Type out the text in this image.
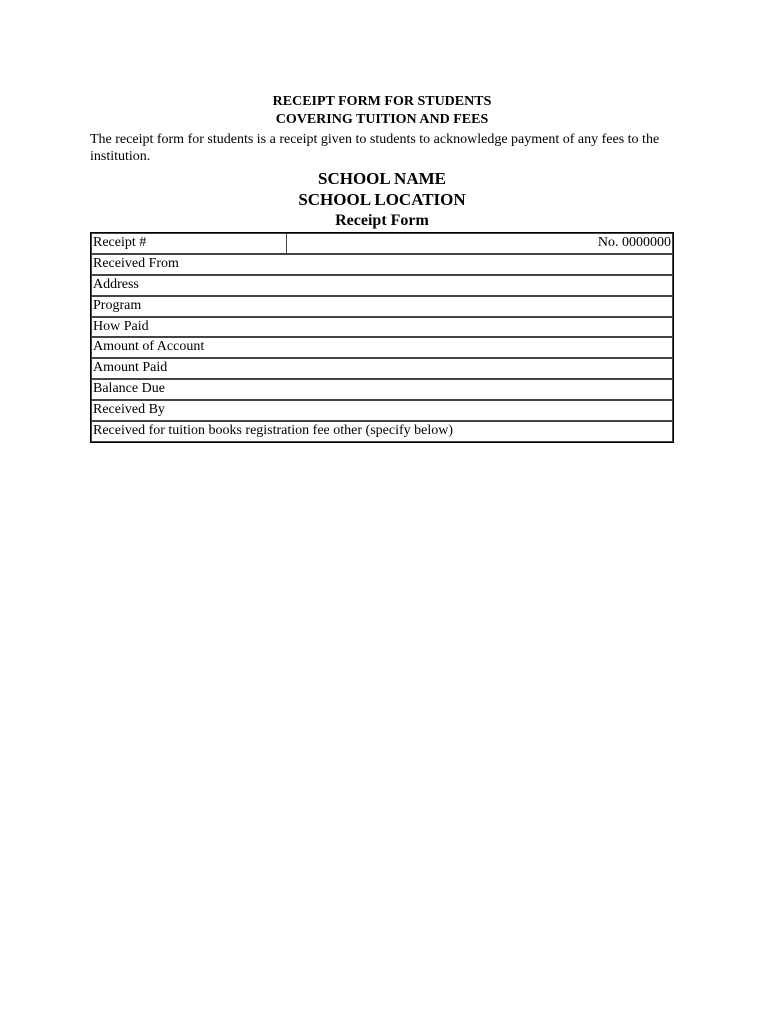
RECEIPT FORM FOR STUDENTS

COVERING TUITION AND FEES

The receipt form for students is a receipt given to students to acknowledge payment of any fees to the institution.

SCHOOL NAME

SCHOOL LOCATION

Receipt Form

Receipt #	No. 0000000
Received From
Address
Program
How Paid
Amount of Account
Amount Paid
Balance Due
Received By
Received for tuition books registration fee other (specify below)
